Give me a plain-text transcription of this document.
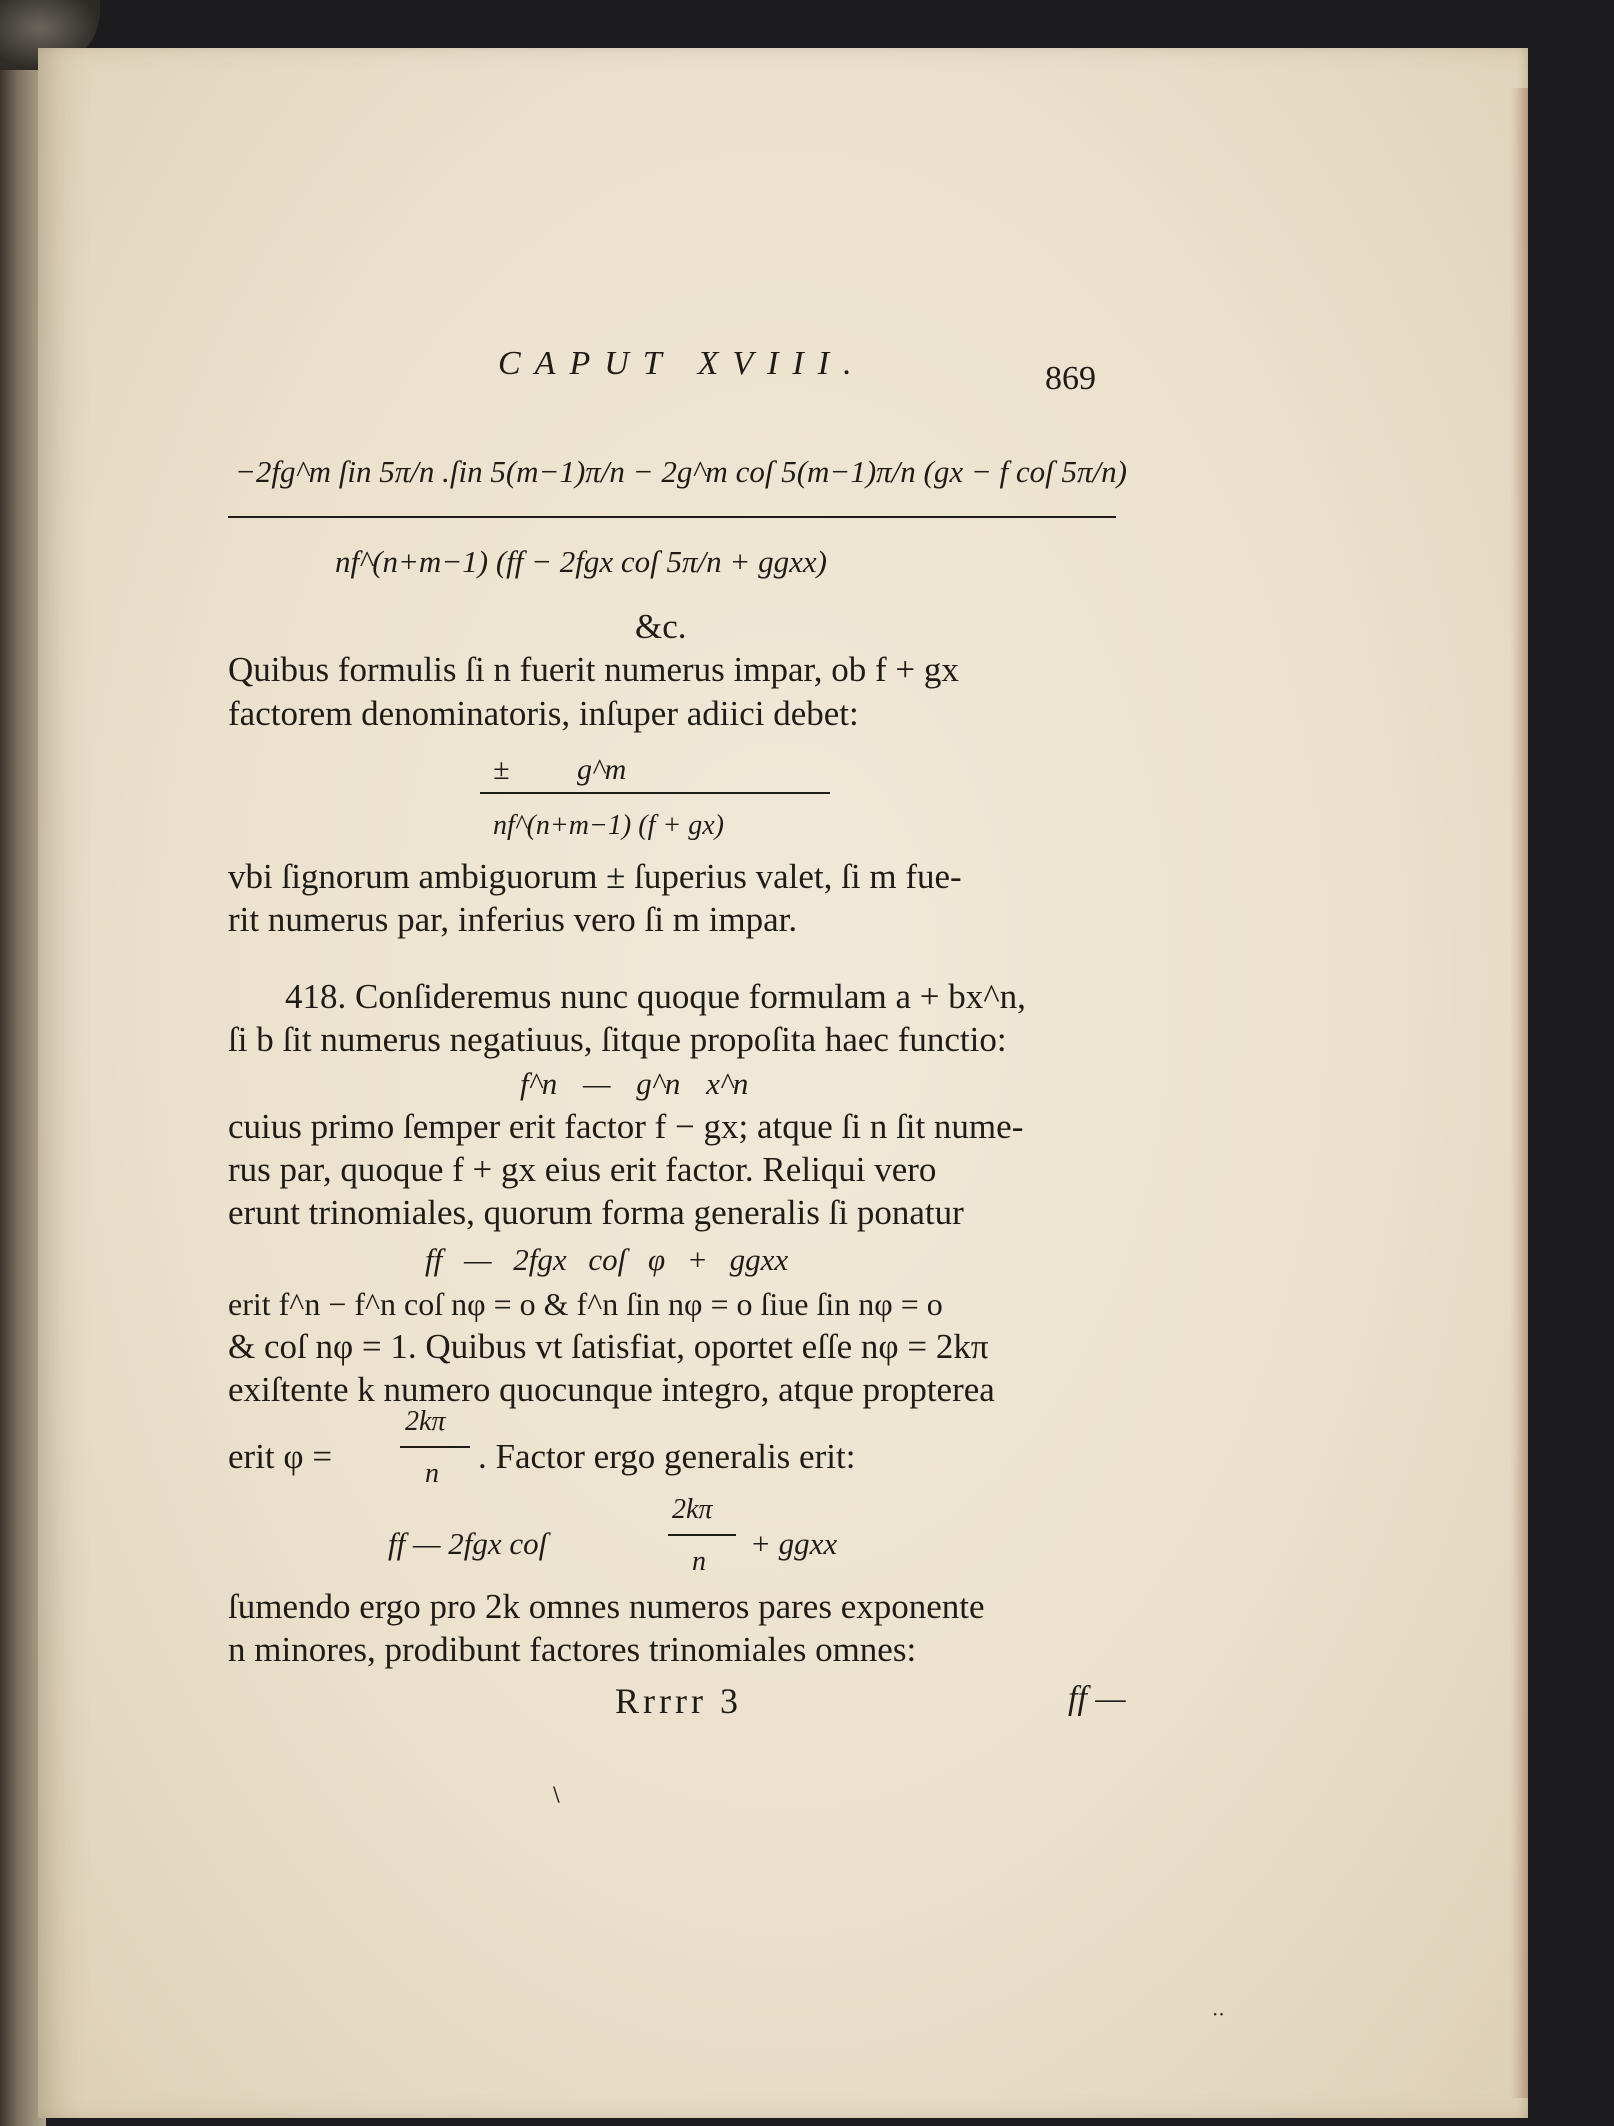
CAPUT XVIII.	869
−2fg^m ſin 5π/n .ſin 5(m−1)π/n − 2g^m coſ 5(m−1)π/n (gx − f coſ 5π/n)
nf^(n+m−1) (ff − 2fgx coſ 5π/n + ggxx)
&c.
Quibus formulis ſi n fuerit numerus impar, ob f + gx
factorem denominatoris, inſuper adiici debet:
± g^m
nf^(n+m−1) (f + gx)
vbi ſignorum ambiguorum ± ſuperius valet, ſi m fue-
rit numerus par, inferius vero ſi m impar.
418. Conſideremus nunc quoque formulam a + bx^n,
ſi b ſit numerus negatiuus, ſitque propoſita haec functio:
f^n — g^n x^n
cuius primo ſemper erit factor f − gx; atque ſi n ſit nume-
rus par, quoque f + gx eius erit factor. Reliqui vero
erunt trinomiales, quorum forma generalis ſi ponatur
ff — 2fgx coſ φ + ggxx
erit f^n − f^n coſ nφ = o & f^n ſin nφ = o ſiue ſin nφ = o
& coſ nφ = 1. Quibus vt ſatisfiat, oportet eſſe nφ = 2kπ
exiſtente k numero quocunque integro, atque propterea
erit φ =
2kπ
n . Factor ergo generalis erit:
ff — 2fgx coſ
2kπ
n
+ ggxx
ſumendo ergo pro 2k omnes numeros pares exponente
n minores, prodibunt factores trinomiales omnes:
Rrrrr 3	ff —
\
··
